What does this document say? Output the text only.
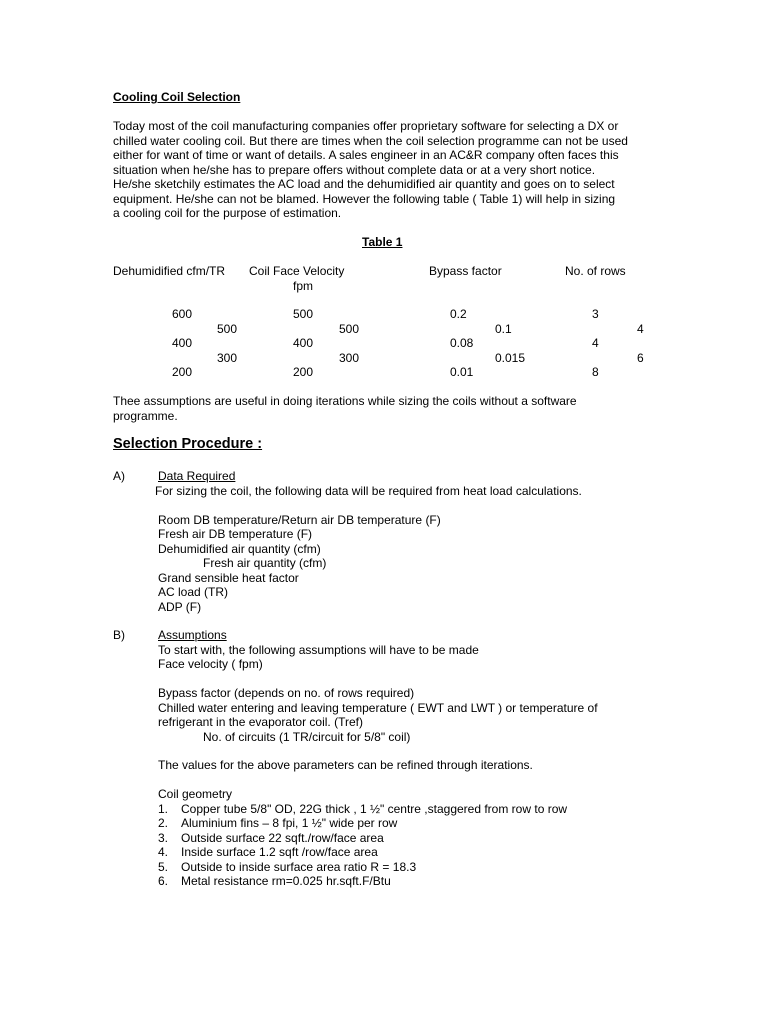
Cooling Coil Selection
Today most of the coil manufacturing companies offer proprietary software for selecting a DX or
chilled water cooling coil. But there are times when the coil selection programme can not be used
either for want of time or want of details. A sales engineer in an AC&R company often faces this
situation when he/she has to prepare offers without complete data or at a very short notice.
He/she sketchily estimates the AC load and the dehumidified air quantity and goes on to select
equipment. He/she can not be blamed. However the following table ( Table 1) will help in sizing
a cooling coil for the purpose of estimation.
Table 1
Dehumidified cfm/TR Coil Face Velocity
fpm
Bypass factor	No. of rows
600	500	0.2	3
500	500	0.1	4
400	400	0.08	4
300	300	0.015	6
200	200	0.01	8
Thee assumptions are useful in doing iterations while sizing the coils without a software
programme.
Selection Procedure :
A)	Data Required
For sizing the coil, the following data will be required from heat load calculations.
Room DB temperature/Return air DB temperature (F)
Fresh air DB temperature (F)
Dehumidified air quantity (cfm)
Fresh air quantity (cfm)
Grand sensible heat factor
AC load (TR)
ADP (F)
B)	Assumptions
To start with, the following assumptions will have to be made
Face velocity ( fpm)
Bypass factor (depends on no. of rows required)
Chilled water entering and leaving temperature ( EWT and LWT ) or temperature of
refrigerant in the evaporator coil. (Tref)
No. of circuits (1 TR/circuit for 5/8" coil)
The values for the above parameters can be refined through iterations.
Coil geometry
1. Copper tube 5/8" OD, 22G thick , 1 ½" centre ,staggered from row to row
2. Aluminium fins – 8 fpi, 1 ½" wide per row
3. Outside surface 22 sqft./row/face area
4. Inside surface 1.2 sqft /row/face area
5. Outside to inside surface area ratio R = 18.3
6. Metal resistance rm=0.025 hr.sqft.F/Btu
